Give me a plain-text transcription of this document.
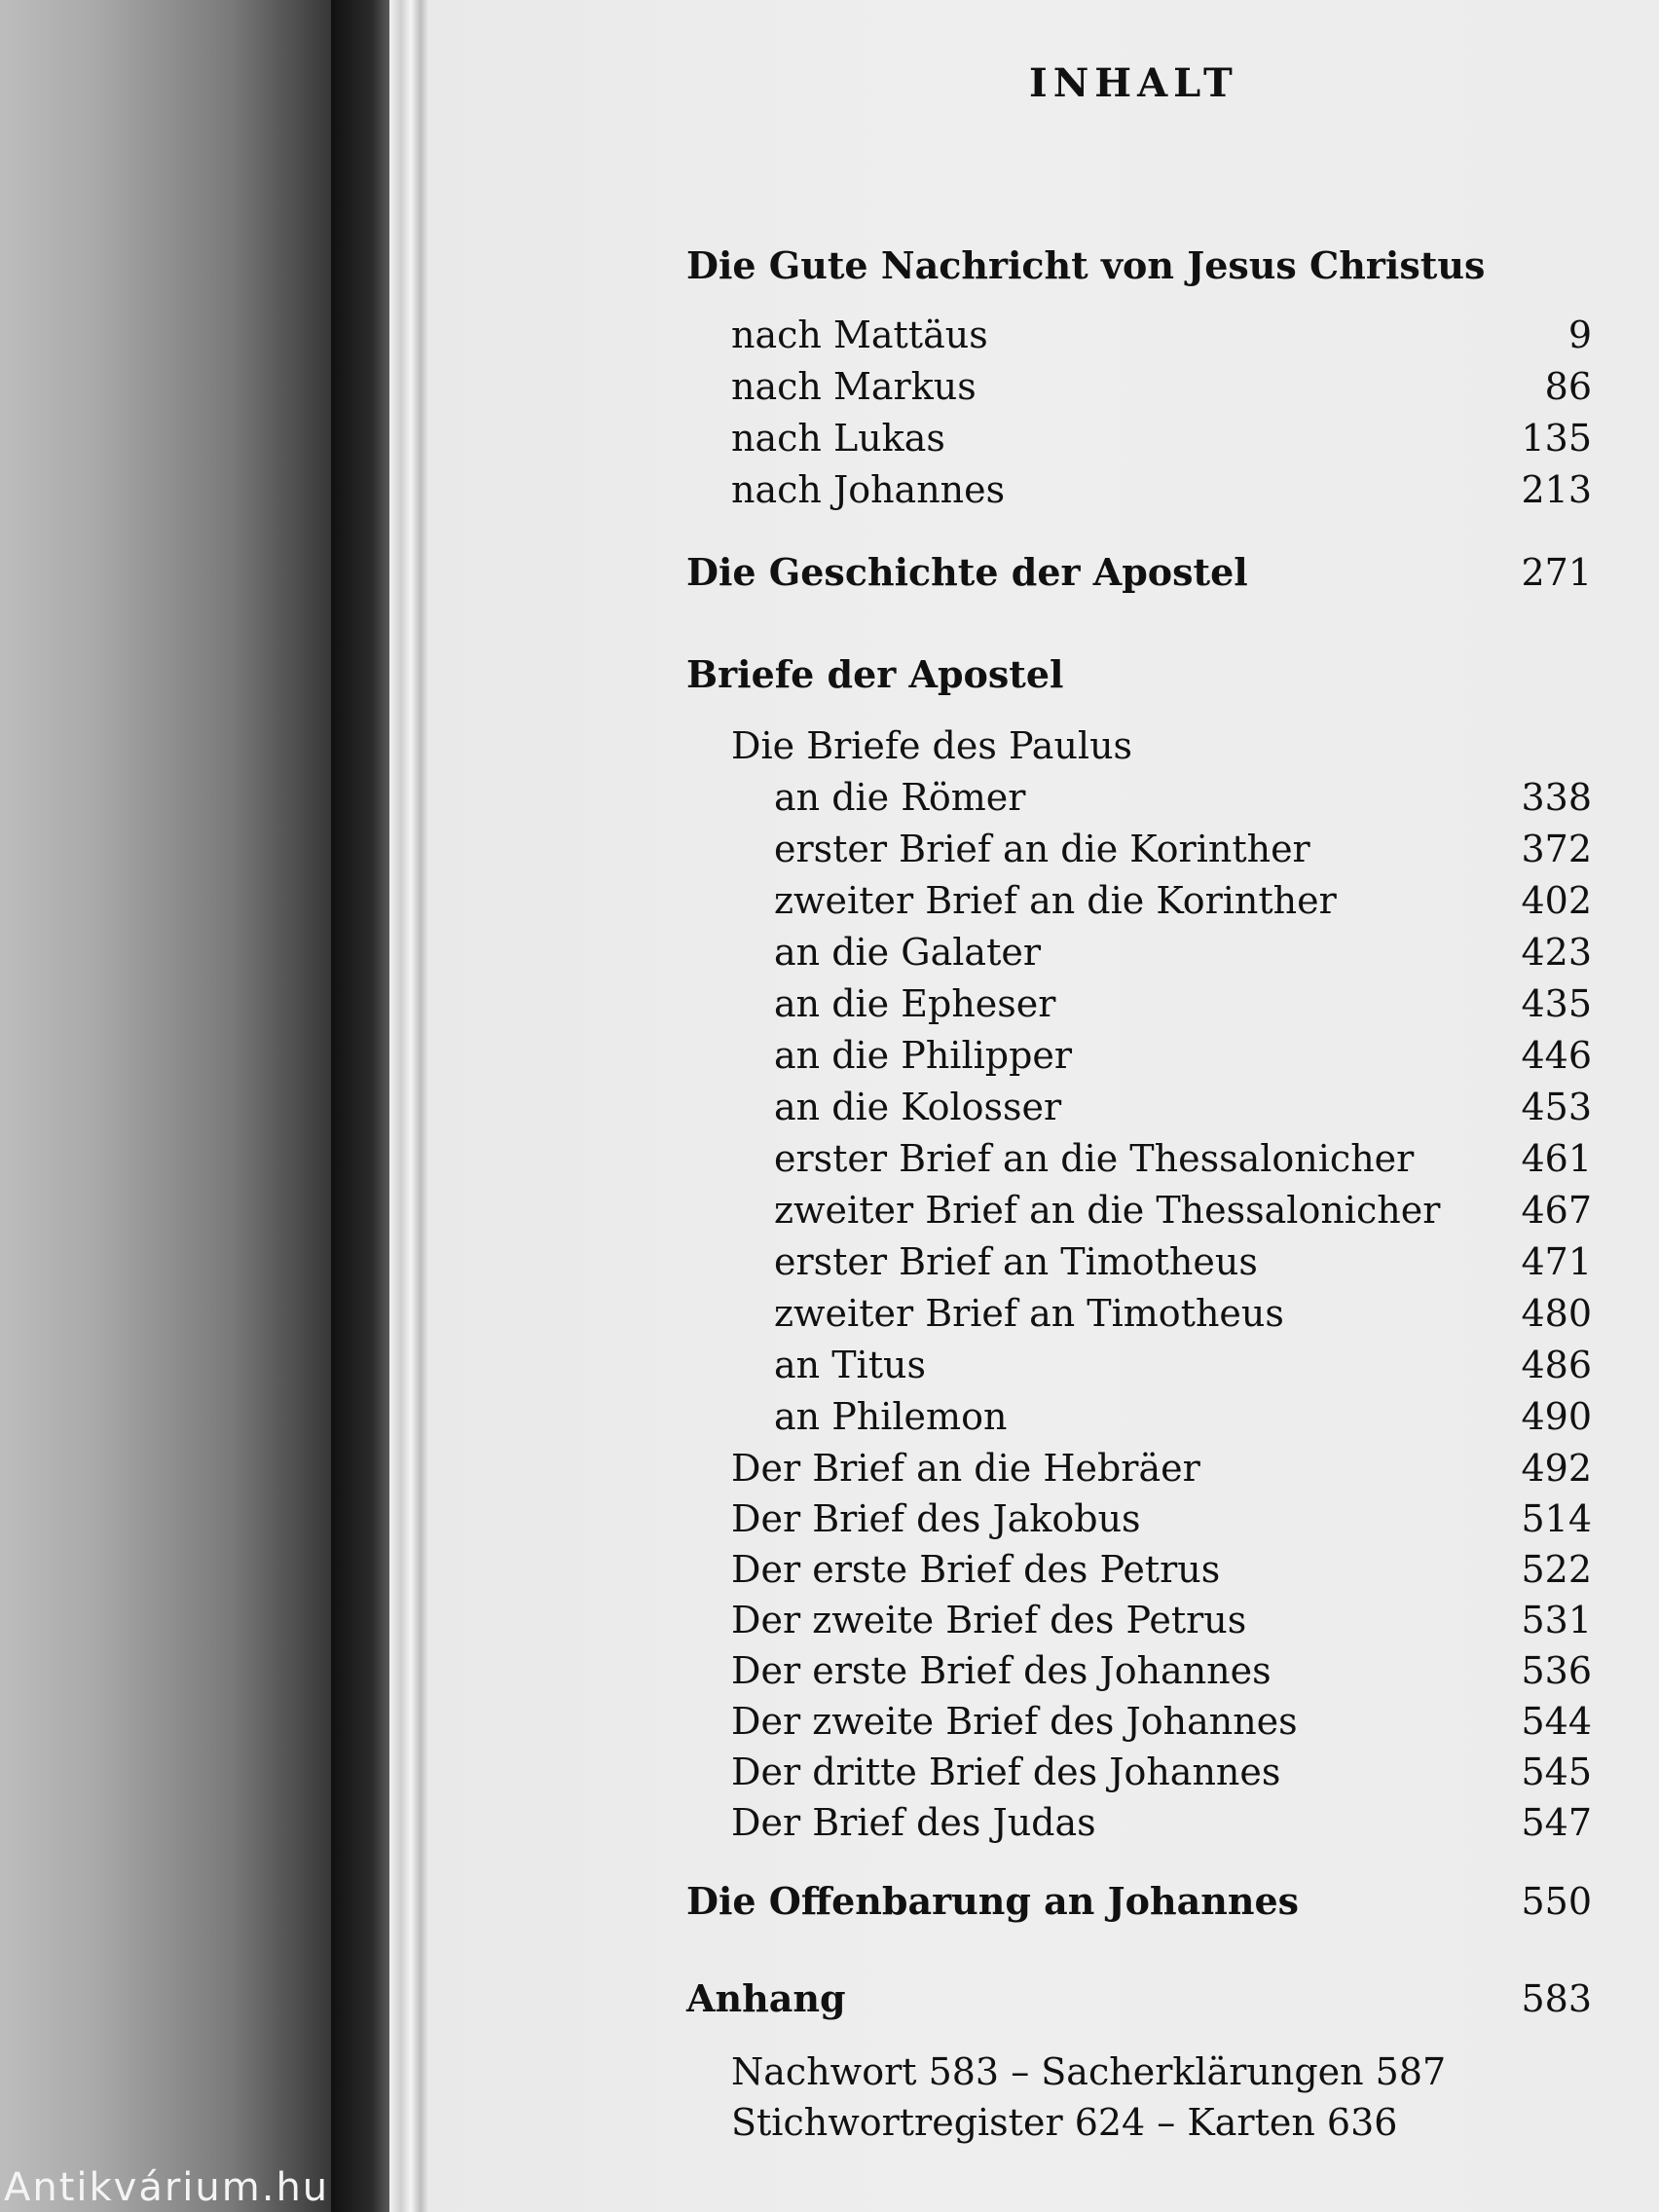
Antikvárium.hu
INHALT
Die Gute Nachricht von Jesus Christus
nach Mattäus	9
nach Markus	86
nach Lukas	135
nach Johannes	213
Die Geschichte der Apostel	271
Briefe der Apostel
Die Briefe des Paulus
an die Römer	338
erster Brief an die Korinther	372
zweiter Brief an die Korinther	402
an die Galater	423
an die Epheser	435
an die Philipper	446
an die Kolosser	453
erster Brief an die Thessalonicher	461
zweiter Brief an die Thessalonicher 467
erster Brief an Timotheus	471
zweiter Brief an Timotheus	480
an Titus	486
an Philemon	490
Der Brief an die Hebräer	492
Der Brief des Jakobus	514
Der erste Brief des Petrus	522
Der zweite Brief des Petrus	531
Der erste Brief des Johannes	536
Der zweite Brief des Johannes	544
Der dritte Brief des Johannes	545
Der Brief des Judas	547
Die Offenbarung an Johannes	550
Anhang	583
Nachwort 583 – Sacherklärungen 587
Stichwortregister 624 – Karten 636
